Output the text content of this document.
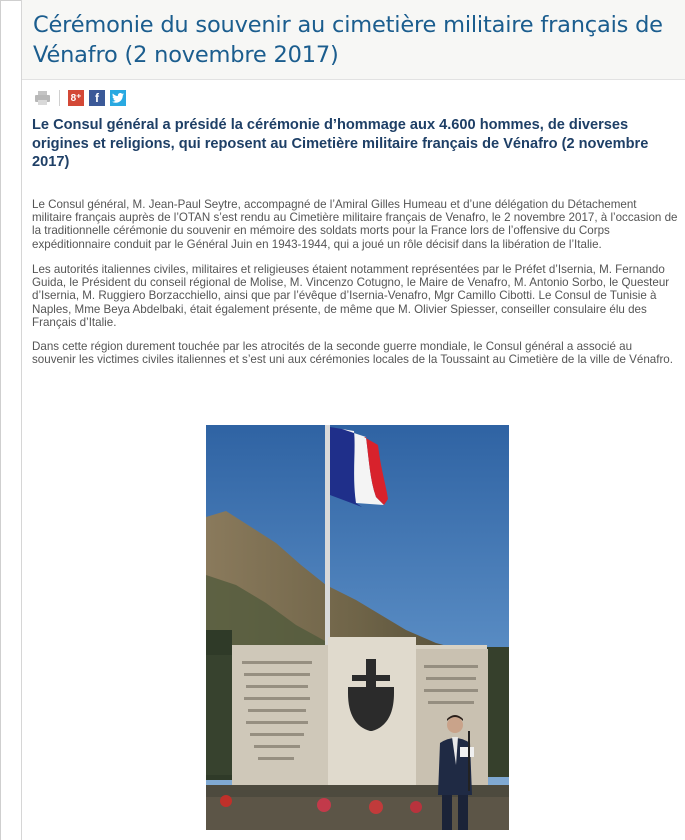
Cérémonie du souvenir au cimetière militaire français de Vénafro (2 novembre 2017)
8⁺	f
Le Consul général a présidé la cérémonie d’hommage aux 4.600 hommes, de diverses origines et religions, qui reposent au Cimetière militaire français de Vénafro (2 novembre 2017)

Le Consul général, M. Jean-Paul Seytre, accompagné de l’Amiral Gilles Humeau et d’une délégation du Détachement militaire français auprès de l’OTAN s’est rendu au Cimetière militaire français de Venafro, le 2 novembre 2017, à l’occasion de la traditionnelle cérémonie du souvenir en mémoire des soldats morts pour la France lors de l’offensive du Corps expéditionnaire conduit par le Général Juin en 1943-1944, qui a joué un rôle décisif dans la libération de l’Italie.

Les autorités italiennes civiles, militaires et religieuses étaient notamment représentées par le Préfet d’Isernia, M. Fernando Guida, le Président du conseil régional de Molise, M. Vincenzo Cotugno, le Maire de Venafro, M. Antonio Sorbo, le Questeur d’Isernia, M. Ruggiero Borzacchiello, ainsi que par l’évêque d’Isernia-Venafro, Mgr Camillo Cibotti. Le Consul de Tunisie à Naples, Mme Beya Abdelbaki, était également présente, de même que M. Olivier Spiesser, conseiller consulaire élu des Français d’Italie.

Dans cette région durement touchée par les atrocités de la seconde guerre mondiale, le Consul général a associé au souvenir les victimes civiles italiennes et s’est uni aux cérémonies locales de la Toussaint au Cimetière de la ville de Vénafro.
